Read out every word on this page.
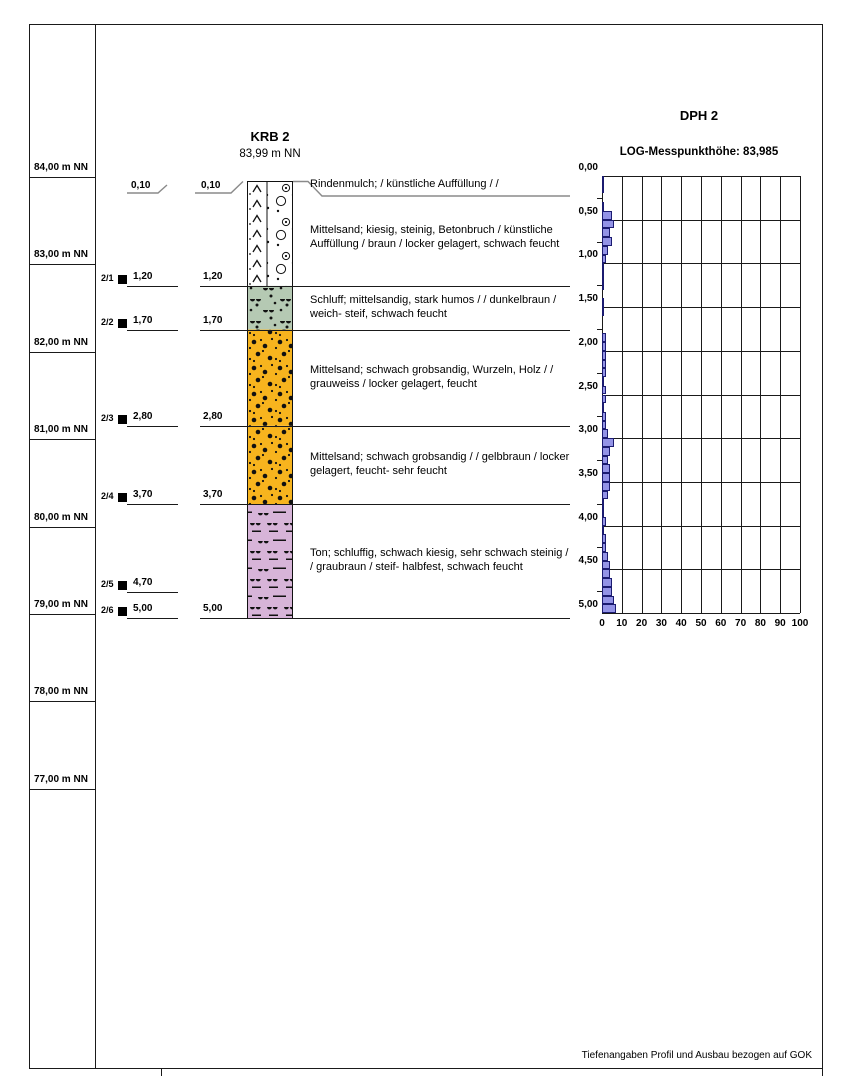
KRB 2
83,99 m NN
0,10	0,10
DPH 2
LOG-Messpunkthöhe: 83,985
Tiefenangaben Profil und Ausbau bezogen auf GOK
84,00 m NN
83,00 m NN
82,00 m NN
81,00 m NN
80,00 m NN
79,00 m NN
78,00 m NN
77,00 m NN
1,20
1,70
2,80
3,70
5,00
2/1 1,20
2/2 1,70
2/3 2,80
2/4 3,70
2/5 4,70
2/6 5,00
Rindenmulch; / künstliche Auffüllung / /
Mittelsand; kiesig, steinig, Betonbruch / künstliche Auffüllung / braun / locker gelagert, schwach feucht
Schluff; mittelsandig, stark humos / / dunkelbraun / weich- steif, schwach feucht
Mittelsand; schwach grobsandig, Wurzeln, Holz / / grauweiss / locker gelagert, feucht
Mittelsand; schwach grobsandig / / gelbbraun / locker gelagert, feucht- sehr feucht
Ton; schluffig, schwach kiesig, sehr schwach steinig / / graubraun / steif- halbfest, schwach feucht
0,00
0,50
1,00
1,50
2,00
2,50
3,00
3,50
4,00
4,50
5,00
0 10 20 30 40 50 60 70 80 90 100
